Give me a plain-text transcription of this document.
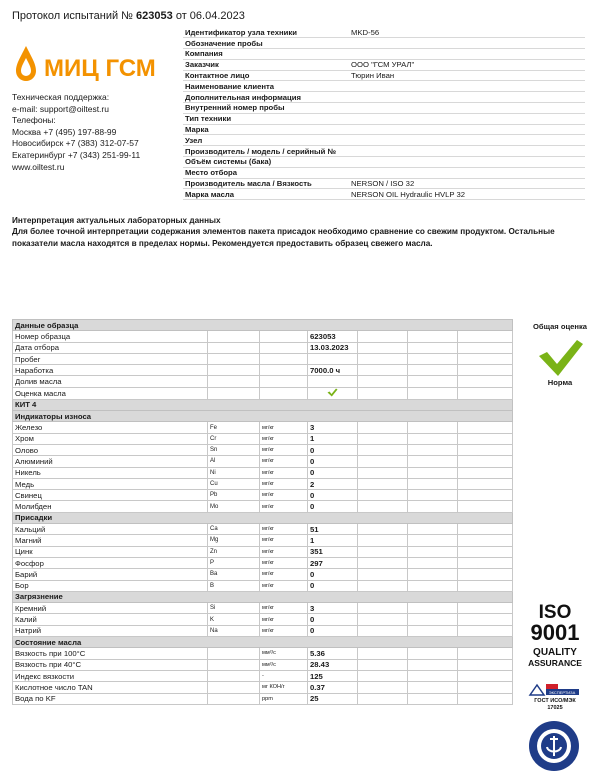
Протокол испытаний № 623053 от 06.04.2023
МИЦ ГСМ
Техническая поддержка:
e-mail: support@oiltest.ru
Телефоны:
Москва +7 (495) 197-88-99
Новосибирск +7 (383) 312-07-57
Екатеринбург +7 (343) 251-99-11
www.oiltest.ru
Идентификатор узла техники	MKD-56
Обозначение пробы	
Компания	
Заказчик	ООО "ГСМ УРАЛ"
Контактное лицо	Тюрин Иван
Наименование клиента	
Дополнительная информация	
Внутренний номер пробы	
Тип техники	
Марка	
Узел	
Производитель / модель / серийный №	
Объём системы (бака)	
Место отбора	
Производитель масла / Вязкость	NERSON / ISO 32
Марка масла	NERSON OIL Hydraulic HVLP 32
Интерпретация актуальных лабораторных данных
Для более точной интерпретации содержания элементов пакета присадок необходимо сравнение со свежим продуктом. Остальные показатели масла находятся в пределах нормы. Рекомендуется предоставить образец свежего масла.
Данные образца						
Номер образца			623053			
Дата отбора			13.03.2023			
Пробег						
Наработка			7000.0 ч			
Долив масла						
Оценка масла						
КИТ 4						
Индикаторы износа						
Железо	Fe	мг/кг	3			
Хром	Cr	мг/кг	1			
Олово	Sn	мг/кг	0			
Алюминий	Al	мг/кг	0			
Никель	Ni	мг/кг	0			
Медь	Cu	мг/кг	2			
Свинец	Pb	мг/кг	0			
Молибден	Mo	мг/кг	0			
Присадки						
Кальций	Ca	мг/кг	51			
Магний	Mg	мг/кг	1			
Цинк	Zn	мг/кг	351			
Фосфор	P	мг/кг	297			
Барий	Ba	мг/кг	0			
Бор	B	мг/кг	0			
Загрязнение						
Кремний	Si	мг/кг	3			
Калий	K	мг/кг	0			
Натрий	Na	мг/кг	0			
Состояние масла						
Вязкость при 100°С		мм²/с	5.36			
Вязкость при 40°С		мм²/с	28.43			
Индекс вязкости		-	125			
Кислотное число TAN		мг КОН/г	0.37			
Вода по KF		ppm	25			
Общая оценка
Норма
ISO
9001
QUALITY
ASSURANCE
ЭКСПЕРТИЗА
ГОСТ ИСО/МЭК
17025
